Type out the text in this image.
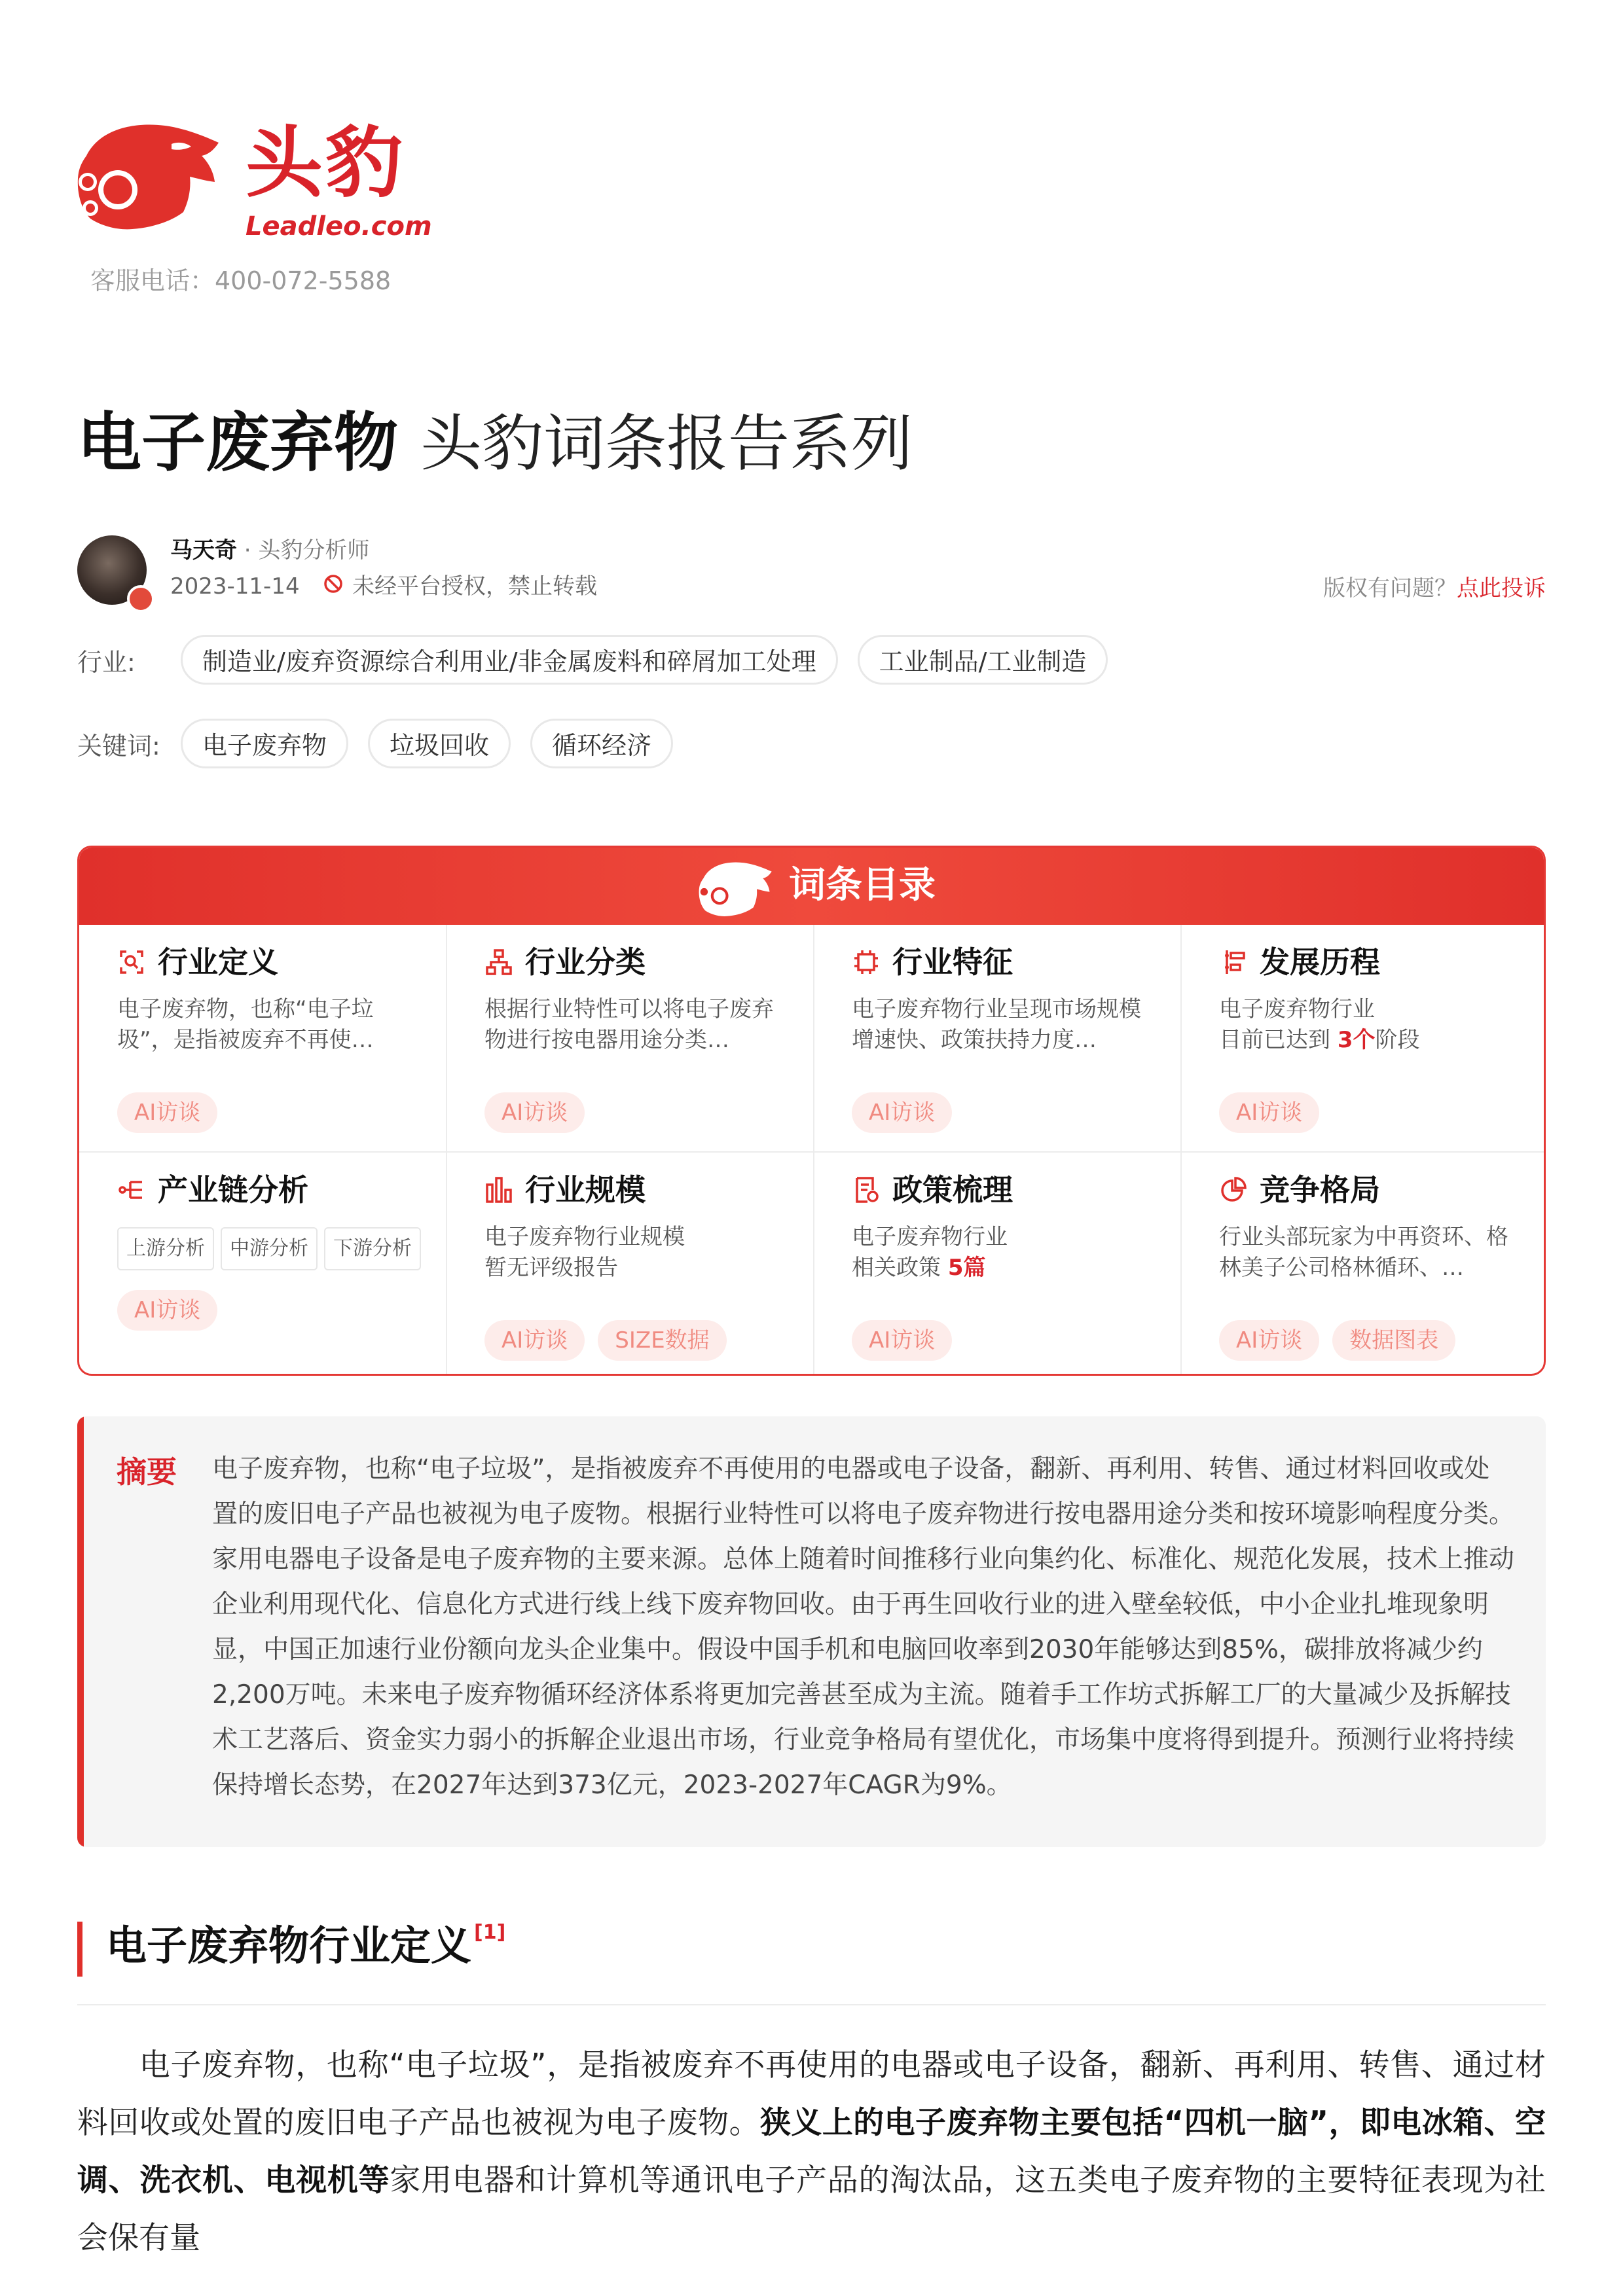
头豹
Leadleo.com
客服电话：400-072-5588
电子废弃物 头豹词条报告系列
马天奇 · 头豹分析师
2023-11-14 未经平台授权，禁止转载	版权有问题？点此投诉
行业:	制造业/废弃资源综合利用业/非金属废料和碎屑加工处理	工业制品/工业制造
关键词:	电子废弃物	垃圾回收	循环经济
词条目录
行业定义
电子废弃物，也称“电子垃圾”，是指被废弃不再使…
AI访谈
行业分类
根据行业特性可以将电子废弃物进行按电器用途分类…
AI访谈
行业特征
电子废弃物行业呈现市场规模增速快、政策扶持力度…
AI访谈
发展历程
电子废弃物行业
目前已达到 3个阶段
AI访谈
产业链分析
上游分析	中游分析	下游分析
AI访谈
行业规模
电子废弃物行业规模
暂无评级报告
AI访谈	SIZE数据
政策梳理
电子废弃物行业
相关政策 5篇
AI访谈
竞争格局
行业头部玩家为中再资环、格林美子公司格林循环、…
AI访谈	数据图表
摘要 电子废弃物，也称“电子垃圾”，是指被废弃不再使用的电器或电子设备，翻新、再利用、转售、通过材料回收或处置的废旧电子产品也被视为电子废物。根据行业特性可以将电子废弃物进行按电器用途分类和按环境影响程度分类。家用电器电子设备是电子废弃物的主要来源。总体上随着时间推移行业向集约化、标准化、规范化发展，技术上推动企业利用现代化、信息化方式进行线上线下废弃物回收。由于再生回收行业的进入壁垒较低，中小企业扎堆现象明显，中国正加速行业份额向龙头企业集中。假设中国手机和电脑回收率到2030年能够达到85%，碳排放将减少约2,200万吨。未来电子废弃物循环经济体系将更加完善甚至成为主流。随着手工作坊式拆解工厂的大量减少及拆解技术工艺落后、资金实力弱小的拆解企业退出市场，行业竞争格局有望优化，市场集中度将得到提升。预测行业将持续保持增长态势，在2027年达到373亿元，2023-2027年CAGR为9%。
电子废弃物行业定义 [1]
电子废弃物，也称“电子垃圾”，是指被废弃不再使用的电器或电子设备，翻新、再利用、转售、通过材料回收或处置的废旧电子产品也被视为电子废物。狭义上的电子废弃物主要包括“四机一脑”，即电冰箱、空调、洗衣机、电视机等家用电器和计算机等通讯电子产品的淘汰品，这五类电子废弃物的主要特征表现为社会保有量
